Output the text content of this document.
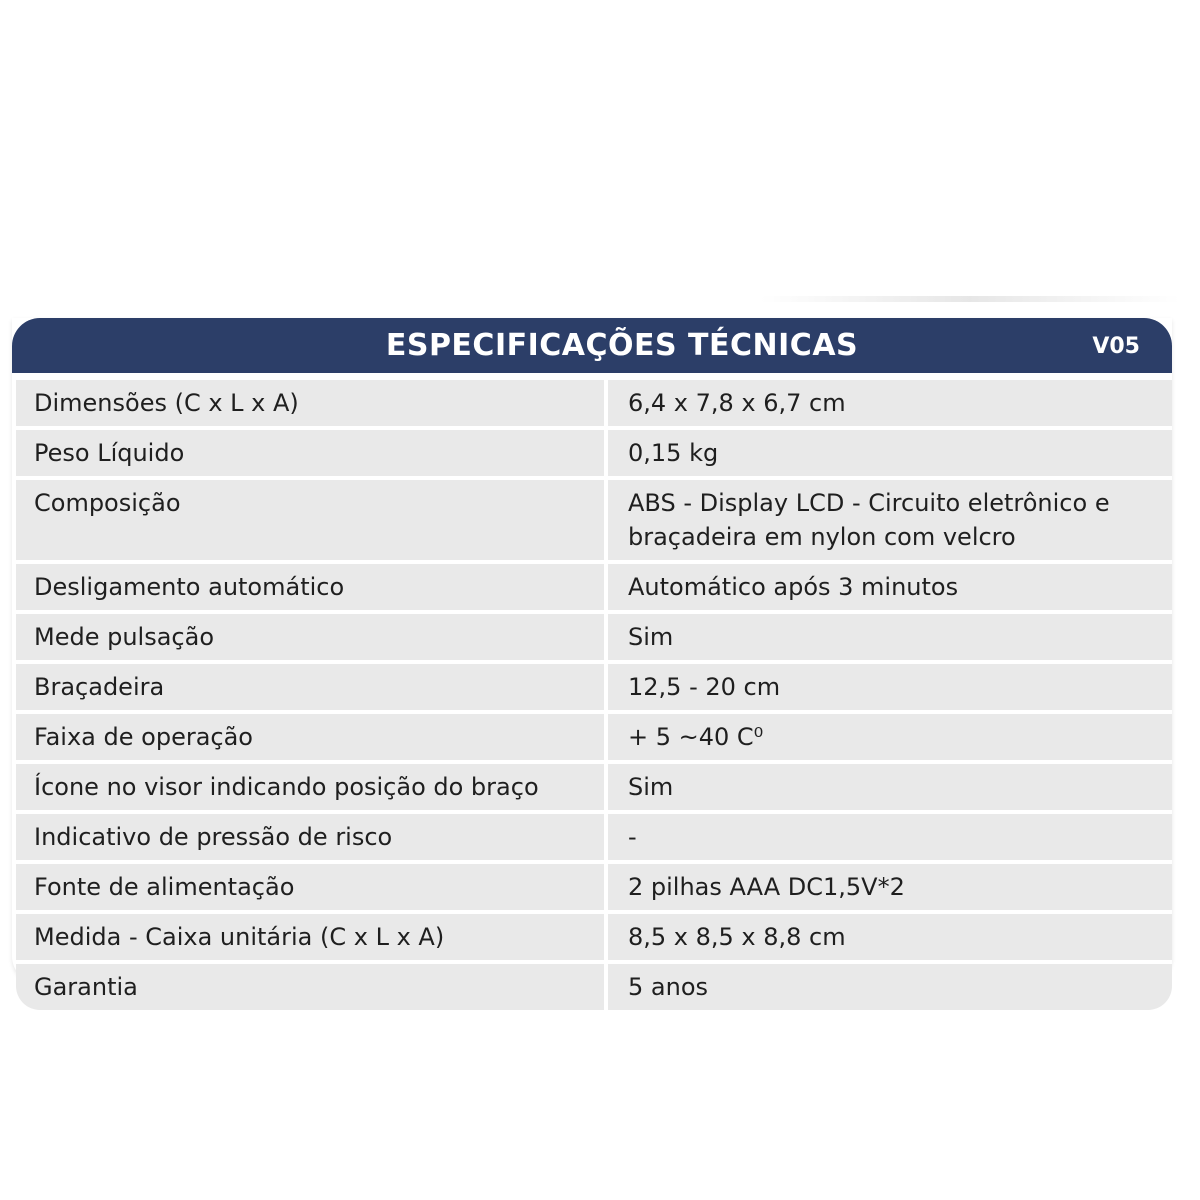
ESPECIFICAÇÕES TÉCNICAS	V05
Dimensões (C x L x A)	6,4 x 7,8 x 6,7 cm
Peso Líquido	0,15 kg
Composição	ABS - Display LCD - Circuito eletrônico e braçadeira em nylon com velcro
Desligamento automático	Automático após 3 minutos
Mede pulsação	Sim
Braçadeira	12,5 - 20 cm
Faixa de operação	+ 5 ~40 C⁰
Ícone no visor indicando posição do braço	Sim
Indicativo de pressão de risco	-
Fonte de alimentação	2 pilhas AAA DC1,5V*2
Medida - Caixa unitária (C x L x A)	8,5 x 8,5 x 8,8 cm
Garantia	5 anos
